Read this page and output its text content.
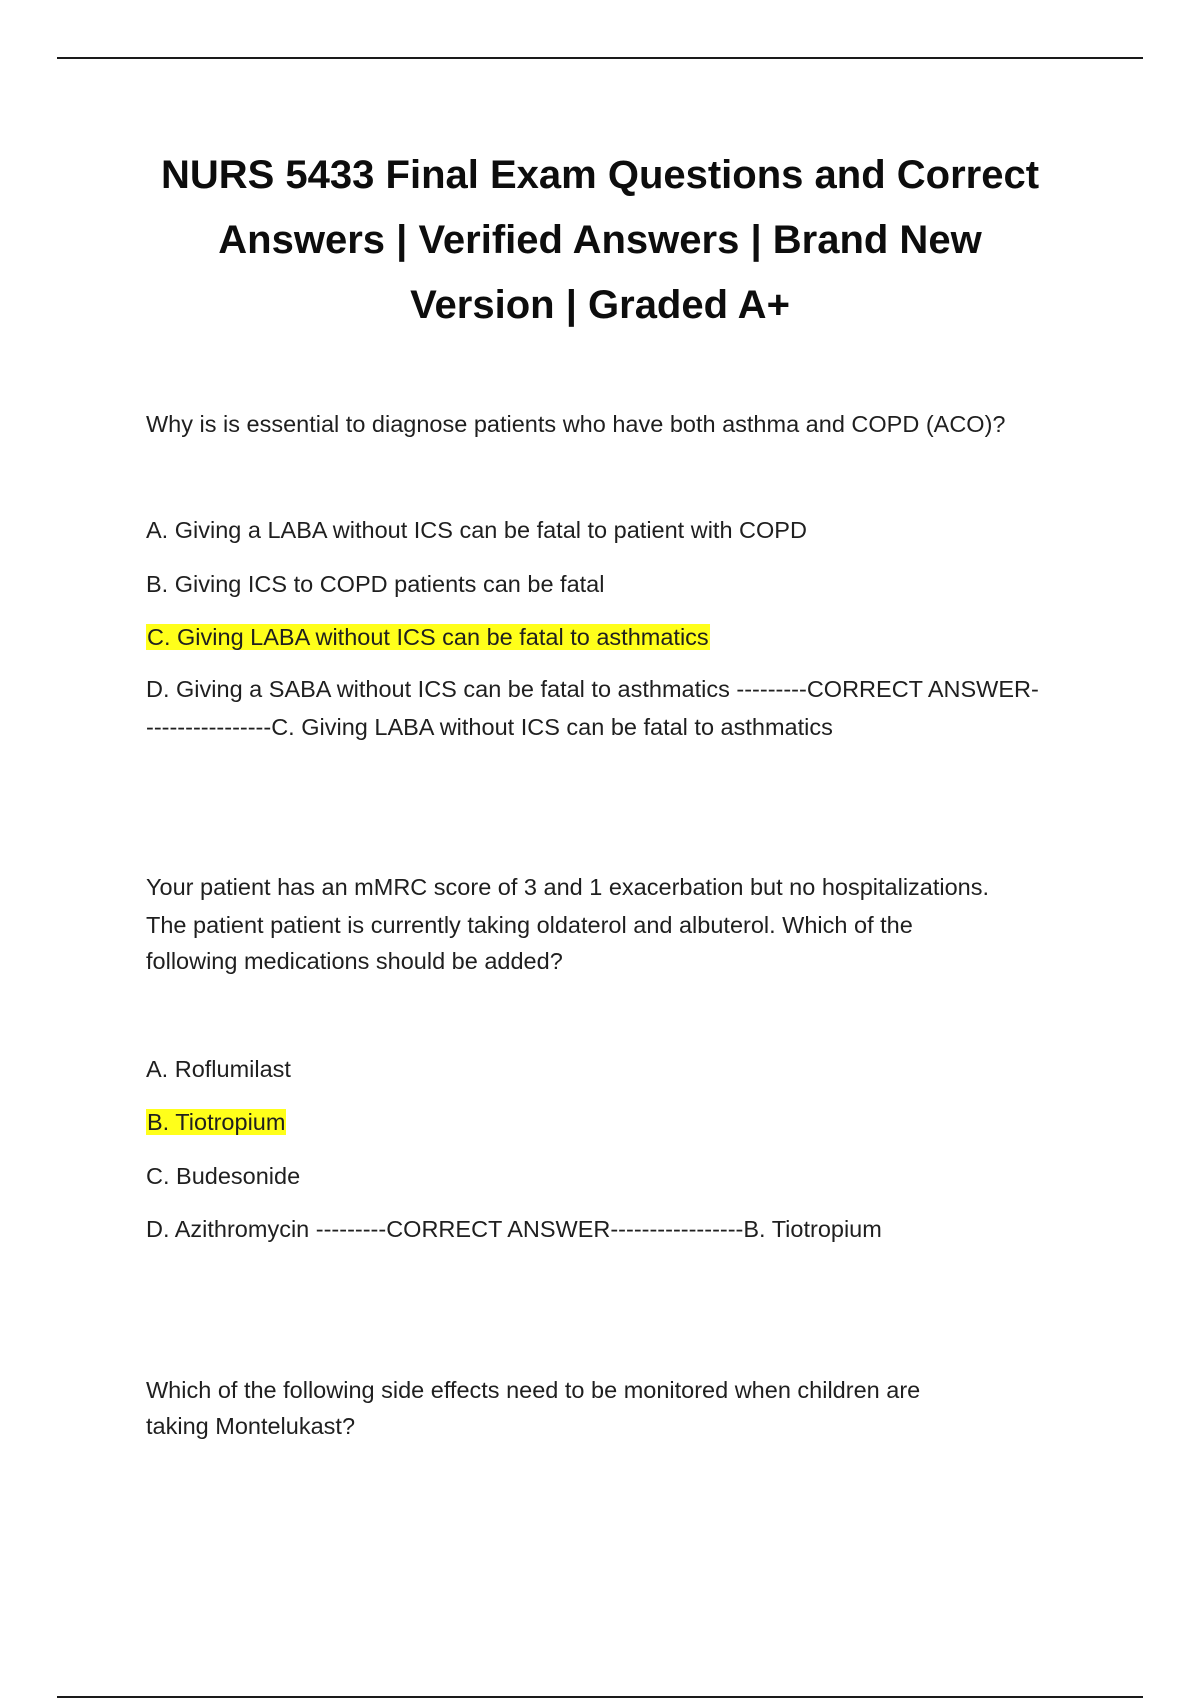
NURS 5433 Final Exam Questions and Correct
Answers | Verified Answers | Brand New
Version | Graded A+
Why is is essential to diagnose patients who have both asthma and COPD (ACO)?
A. Giving a LABA without ICS can be fatal to patient with COPD
B. Giving ICS to COPD patients can be fatal
C. Giving LABA without ICS can be fatal to asthmatics
D. Giving a SABA without ICS can be fatal to asthmatics ---------CORRECT ANSWER-
----------------C. Giving LABA without ICS can be fatal to asthmatics
Your patient has an mMRC score of 3 and 1 exacerbation but no hospitalizations.
The patient patient is currently taking oldaterol and albuterol. Which of the
following medications should be added?
A. Roflumilast
B. Tiotropium
C. Budesonide
D. Azithromycin ---------CORRECT ANSWER-----------------B. Tiotropium
Which of the following side effects need to be monitored when children are
taking Montelukast?
